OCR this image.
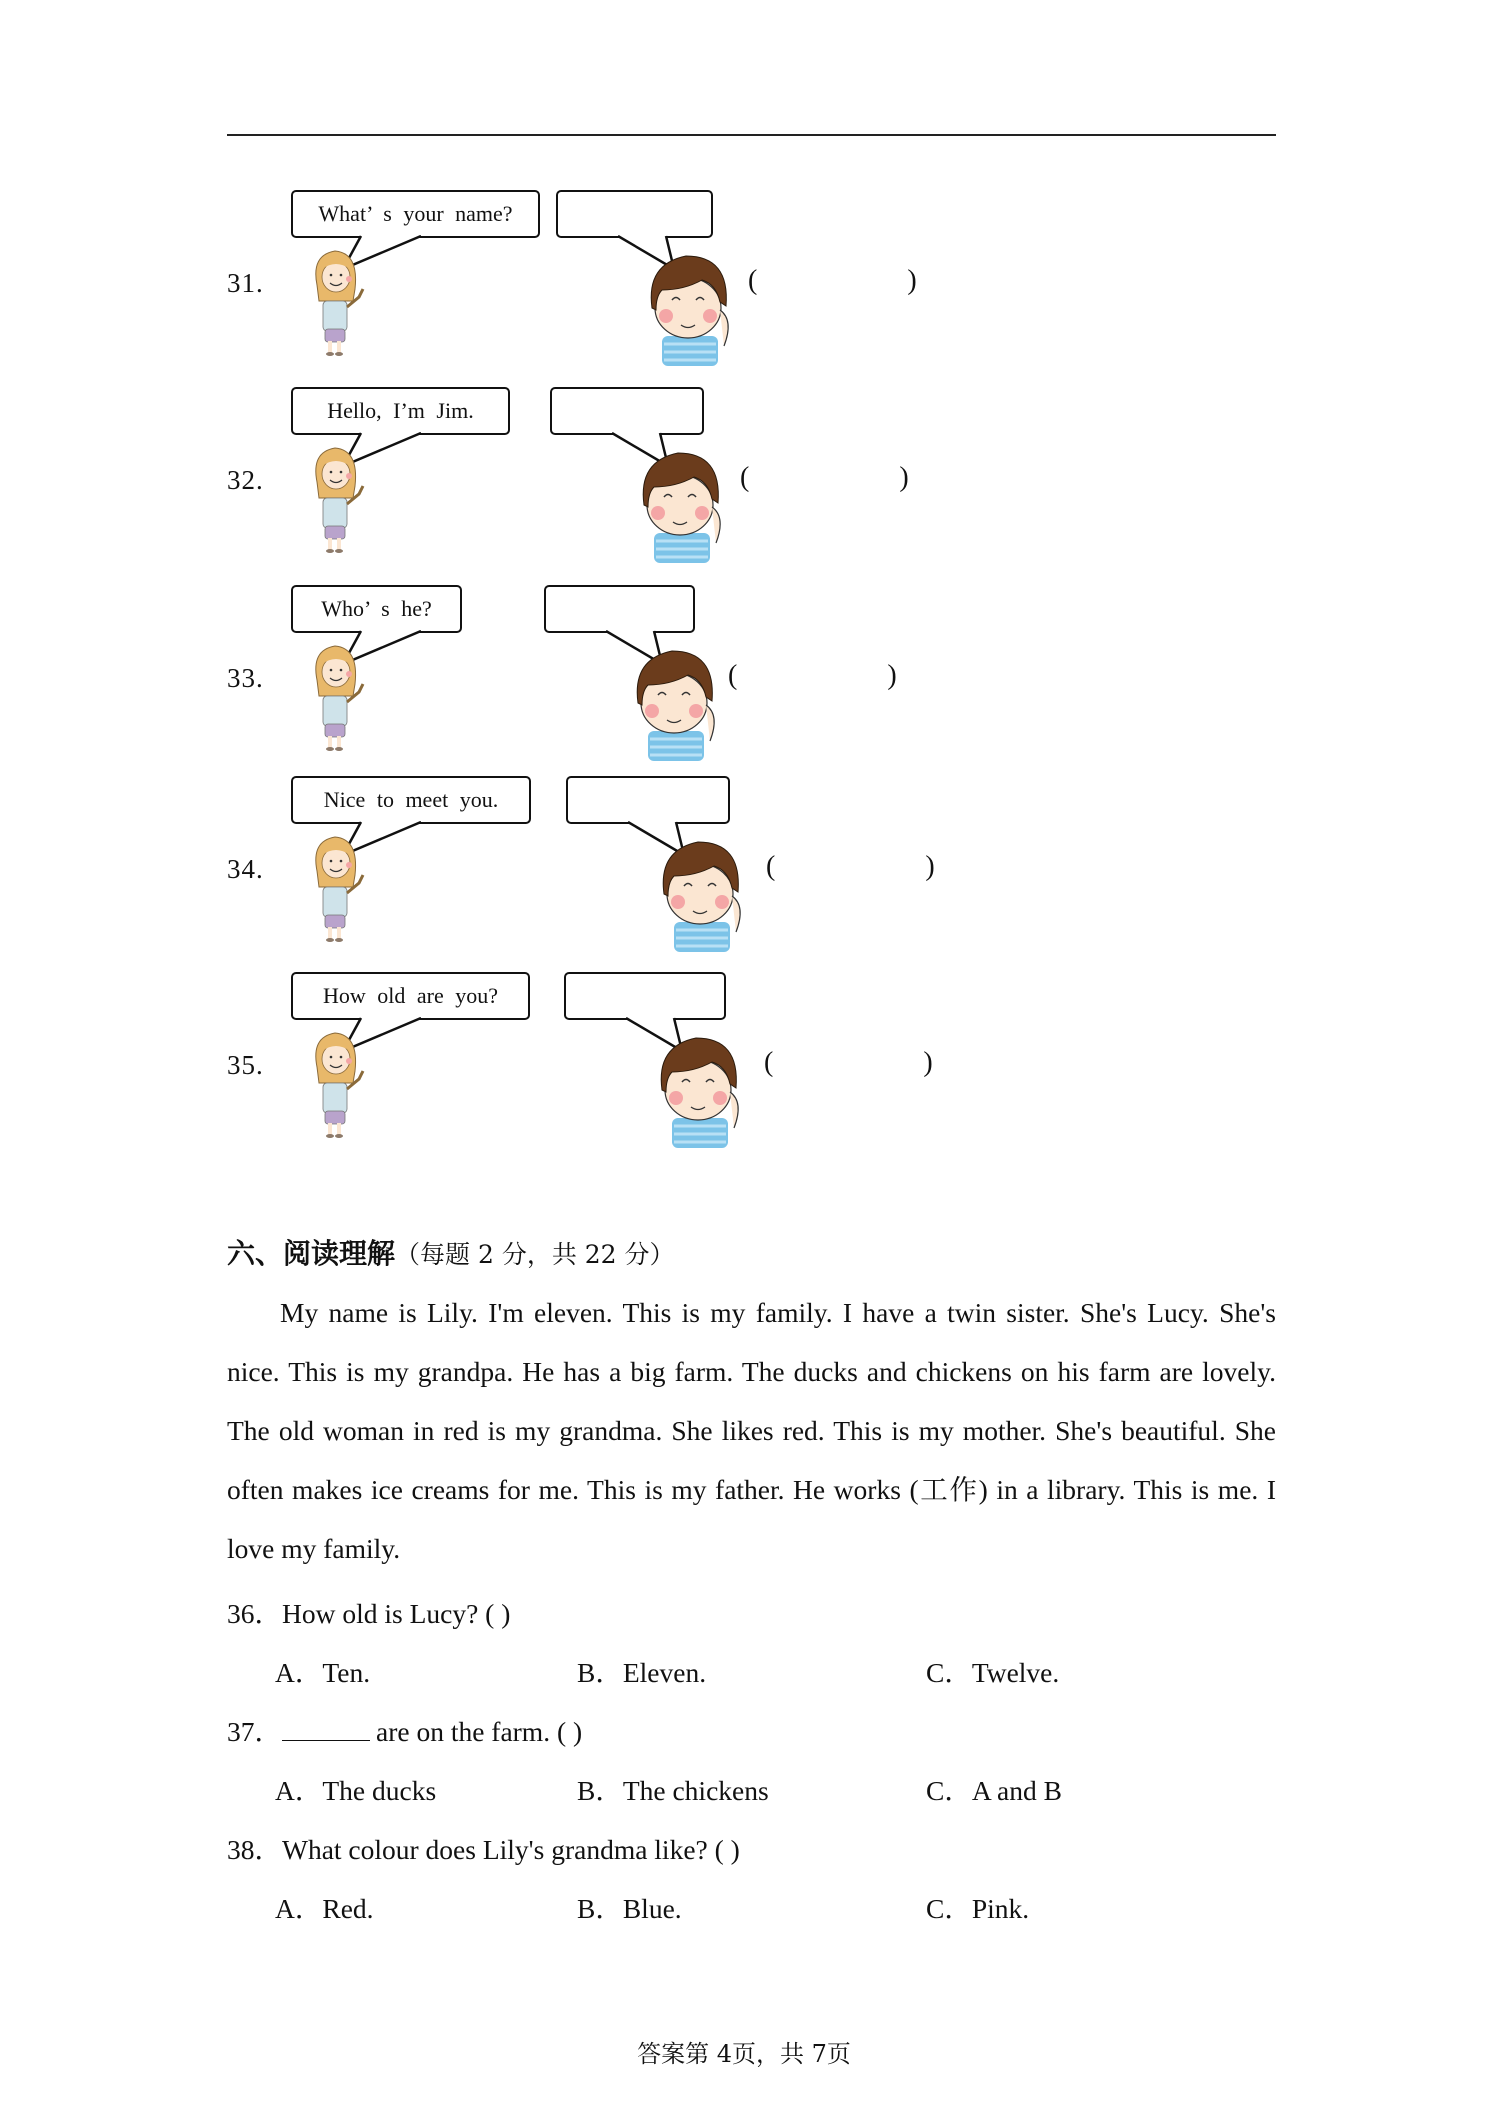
31.
What’ s your name?
(          )
32.
Hello, I’m Jim.
(          )
33.
Who’ s he?
(          )
34.
Nice to meet you.
(          )
35.
How old are you?
(          )
六、阅读理解（每题 2 分，共 22 分）
My name is Lily. I'm eleven. This is my family. I have a twin sister. She's Lucy. She's nice. This is my grandpa. He has a big farm. The ducks and chickens on his farm are lovely. The old woman in red is my grandma. She likes red. This is my mother. She's beautiful. She often makes ice creams for me. This is my father. He works (工作) in a library. This is me. I love my family.
36．How old is Lucy? ( )
A．Ten.	B．Eleven.	C．Twelve.
37．	are on the farm. ( )
A．The ducks	B．The chickens	C．A and B
38．What colour does Lily's grandma like? ( )
A．Red.	B．Blue.	C．Pink.
答案第 4页，共 7页
